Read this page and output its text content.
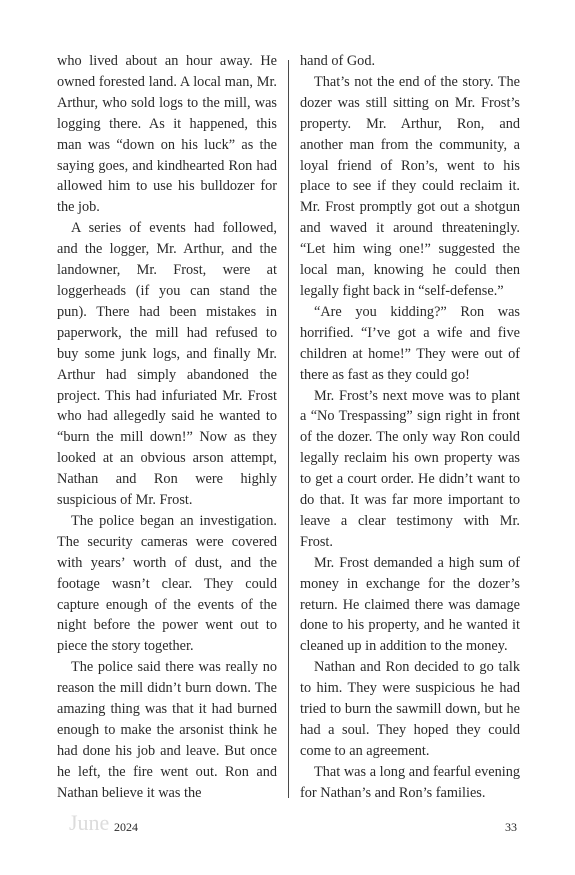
who lived about an hour away. He owned forested land. A local man, Mr. Arthur, who sold logs to the mill, was logging there. As it happened, this man was “down on his luck” as the saying goes, and kindhearted Ron had allowed him to use his bulldozer for the job.

A series of events had followed, and the logger, Mr. Arthur, and the landowner, Mr. Frost, were at loggerheads (if you can stand the pun). There had been mistakes in paperwork, the mill had refused to buy some junk logs, and finally Mr. Arthur had simply abandoned the project. This had infuriated Mr. Frost who had allegedly said he wanted to “burn the mill down!” Now as they looked at an obvious arson attempt, Nathan and Ron were highly suspicious of Mr. Frost.

The police began an investigation. The security cameras were covered with years’ worth of dust, and the footage wasn’t clear. They could capture enough of the events of the night before the power went out to piece the story together.

The police said there was really no reason the mill didn’t burn down. The amazing thing was that it had burned enough to make the arsonist think he had done his job and leave. But once he left, the fire went out. Ron and Nathan believe it was the

hand of God.

That’s not the end of the story. The dozer was still sitting on Mr. Frost’s property. Mr. Arthur, Ron, and another man from the community, a loyal friend of Ron’s, went to his place to see if they could reclaim it. Mr. Frost promptly got out a shotgun and waved it around threateningly. “Let him wing one!” suggested the local man, knowing he could then legally fight back in “self-defense.”

“Are you kidding?” Ron was horrified. “I’ve got a wife and five children at home!” They were out of there as fast as they could go!

Mr. Frost’s next move was to plant a “No Trespassing” sign right in front of the dozer. The only way Ron could legally reclaim his own property was to get a court order. He didn’t want to do that. It was far more important to leave a clear testimony with Mr. Frost.

Mr. Frost demanded a high sum of money in exchange for the dozer’s return. He claimed there was damage done to his property, and he wanted it cleaned up in addition to the money.

Nathan and Ron decided to go talk to him. They were suspicious he had tried to burn the sawmill down, but he had a soul. They hoped they could come to an agreement.

That was a long and fearful evening for Nathan’s and Ron’s families.

June 2024	33
